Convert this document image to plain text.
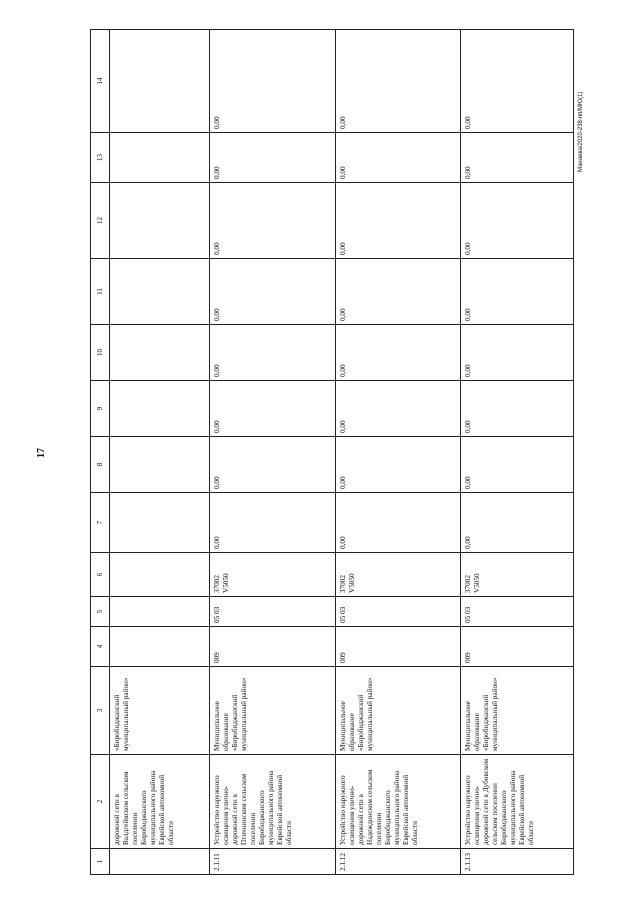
17
Манаева/2020-238-пп/МЮ(1)
1	2	3	4	5	6	7	8	9	10	11	12	13	14
	дорожной сети в Валдгеймском сельском поселении Биробиджанского муниципального района Еврейской автономной области	«Биробиджанский муниципальный район»											
2.1.11	Устройство наружного освещения улично-дорожной сети в Птичнинском сельском поселении Биробиджанского муниципального района Еврейской автономной области	Муниципальное образование «Биробиджанский муниципальный район»	009	05 03	37002 V5050	0,00	0,00	0,00	0,00	0,00	0,00	0,00	0,00
2.1.12	Устройство наружного освещения улично-дорожной сети в Надеждинском сельском поселении Биробиджанского муниципального района Еврейской автономной области	Муниципальное образование «Биробиджанский муниципальный район»	009	05 03	37002 V5050	0,00	0,00	0,00	0,00	0,00	0,00	0,00	0,00
2.1.13	Устройство наружного освещения улично-дорожной сети в Дубовском сельском поселении Биробиджанского муниципального района Еврейской автономной области	Муниципальное образование «Биробиджанский муниципальный район»	009	05 03	37002 V5050	0,00	0,00	0,00	0,00	0,00	0,00	0,00	0,00
